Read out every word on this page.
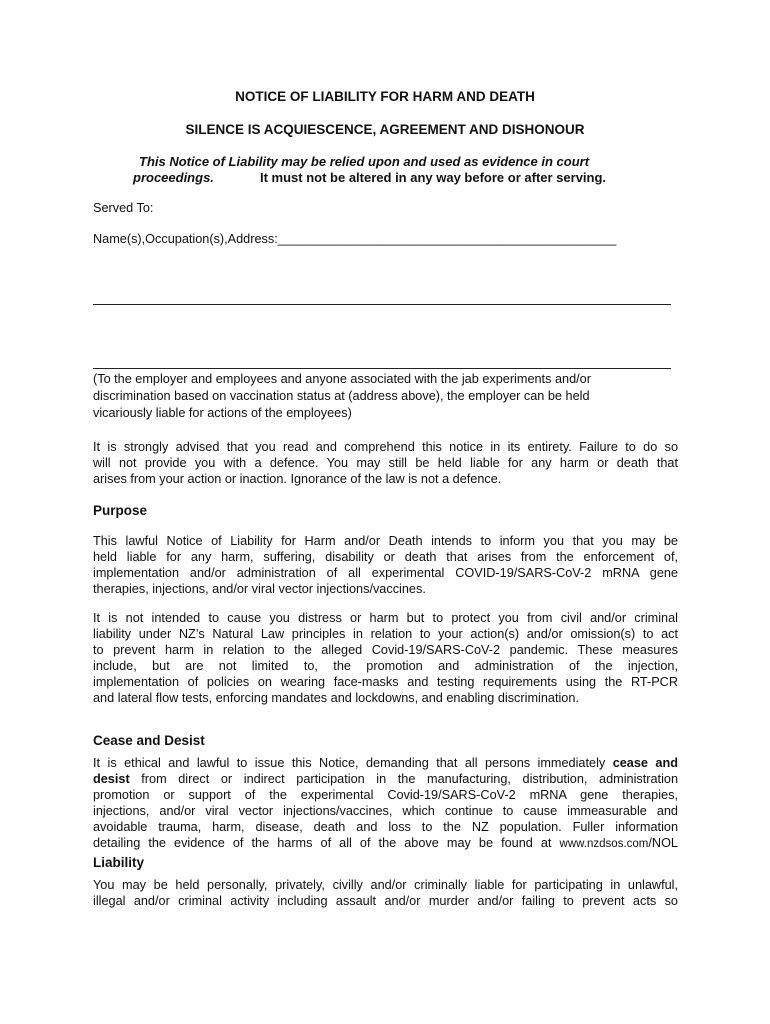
NOTICE OF LIABILITY FOR HARM AND DEATH

SILENCE IS ACQUIESCENCE, AGREEMENT AND DISHONOUR

This Notice of Liability may be relied upon and used as evidence in court

proceedings.	It must not be altered in any way before or after serving.

Served To:

Name(s),Occupation(s),Address:________________________________________________

(To the employer and employees and anyone associated with the jab experiments and/or
discrimination based on vaccination status at (address above), the employer can be held
vicariously liable for actions of the employees)
It is strongly advised that you read and comprehend this notice in its entirety. Failure to do so
will not provide you with a defence. You may still be held liable for any harm or death that
arises from your action or inaction. Ignorance of the law is not a defence.

Purpose

This lawful Notice of Liability for Harm and/or Death intends to inform you that you may be
held liable for any harm, suffering, disability or death that arises from the enforcement of,
implementation and/or administration of all experimental COVID-19/SARS-CoV-2 mRNA gene
therapies, injections, and/or viral vector injections/vaccines.
It is not intended to cause you distress or harm but to protect you from civil and/or criminal
liability under NZ’s Natural Law principles in relation to your action(s) and/or omission(s) to act
to prevent harm in relation to the alleged Covid-19/SARS-CoV-2 pandemic. These measures
include, but are not limited to, the promotion and administration of the injection,
implementation of policies on wearing face-masks and testing requirements using the RT-PCR
and lateral flow tests, enforcing mandates and lockdowns, and enabling discrimination.

Cease and Desist

It is ethical and lawful to issue this Notice, demanding that all persons immediately cease and
desist from direct or indirect participation in the manufacturing, distribution, administration
promotion or support of the experimental Covid-19/SARS-CoV-2 mRNA gene therapies,
injections, and/or viral vector injections/vaccines, which continue to cause immeasurable and
avoidable trauma, harm, disease, death and loss to the NZ population. Fuller information
detailing the evidence of the harms of all of the above may be found at www.nzdsos.com/NOL

Liability

You may be held personally, privately, civilly and/or criminally liable for participating in unlawful,
illegal and/or criminal activity including assault and/or murder and/or failing to prevent acts so
